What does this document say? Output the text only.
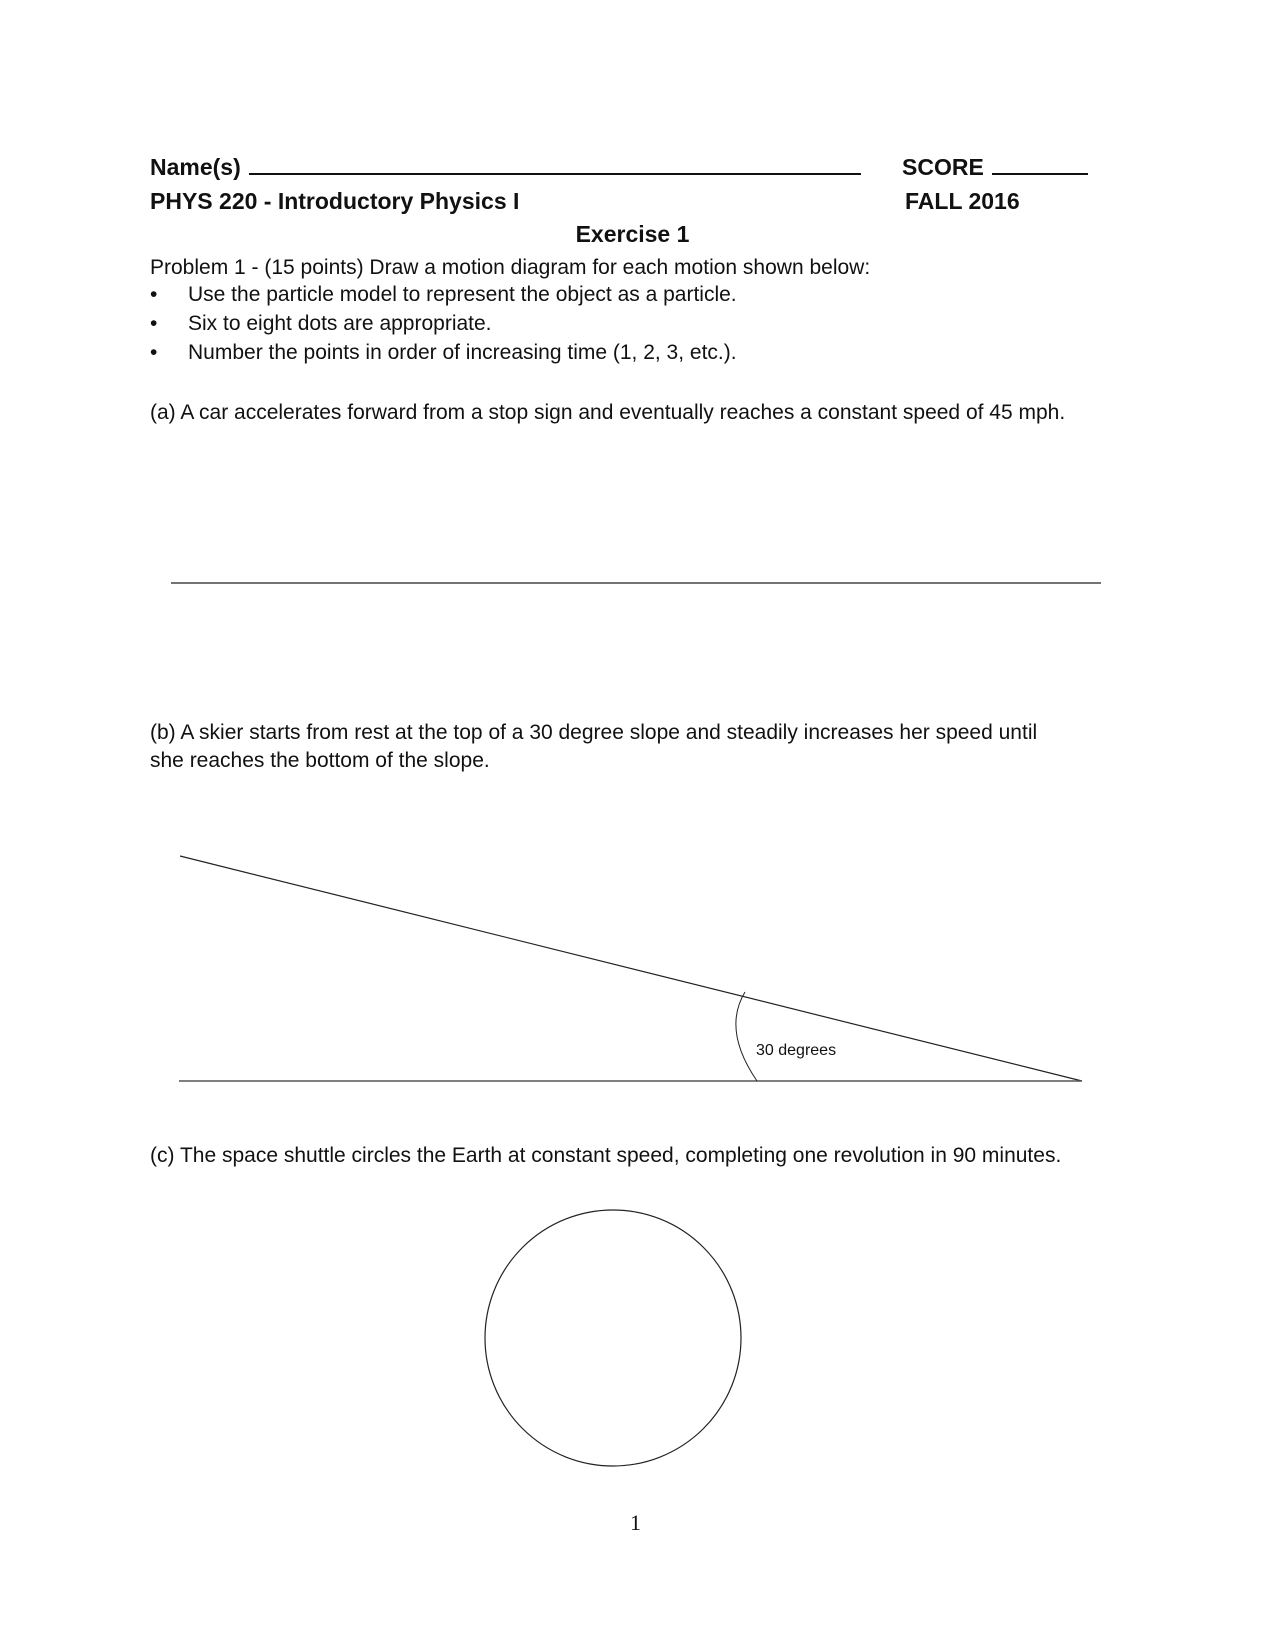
Name(s)	SCORE
PHYS 220 - Introductory Physics I	FALL 2016
Exercise 1
Problem 1 - (15 points) Draw a motion diagram for each motion shown below:
• Use the particle model to represent the object as a particle.
• Six to eight dots are appropriate.
• Number the points in order of increasing time (1, 2, 3, etc.).
(a) A car accelerates forward from a stop sign and eventually reaches a constant speed of 45 mph.
(b) A skier starts from rest at the top of a 30 degree slope and steadily increases her speed until
she reaches the bottom of the slope.
(c) The space shuttle circles the Earth at constant speed, completing one revolution in 90 minutes.
30 degrees
1
